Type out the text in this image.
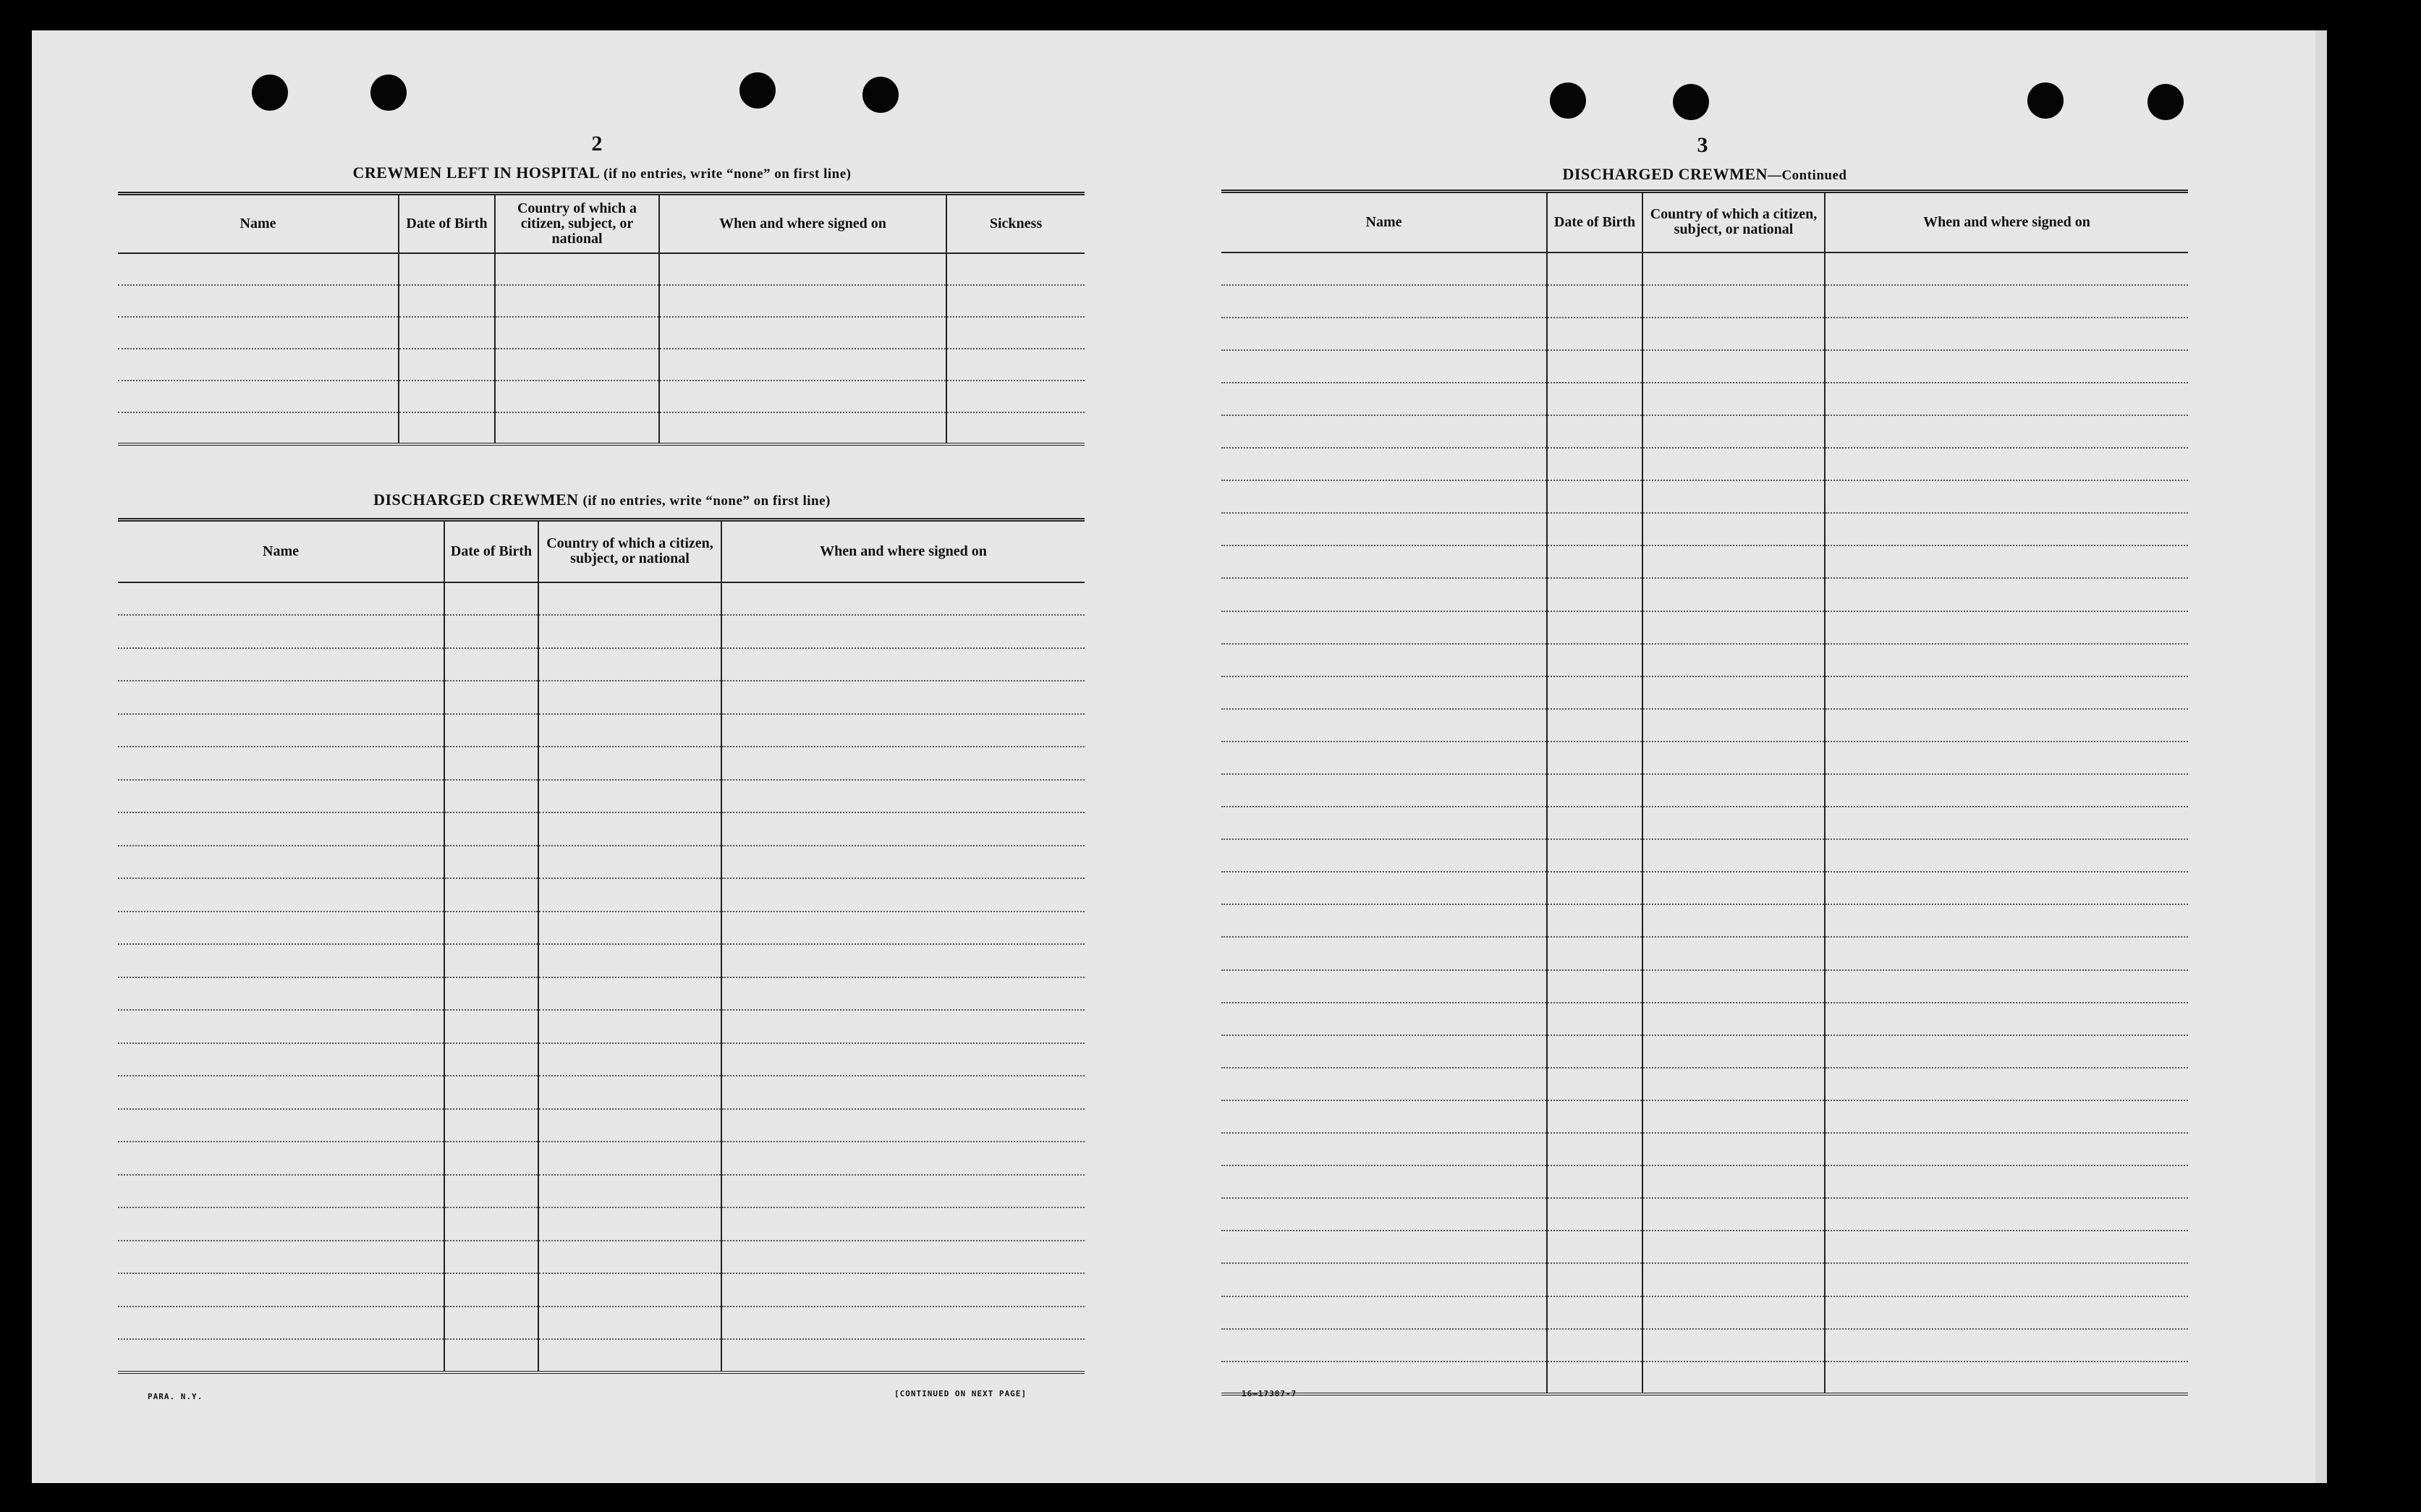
2
CREWMEN LEFT IN HOSPITAL (if no entries, write “none” on first line)
Name	Date of Birth	Country of which a citizen, subject, or national	When and where signed on	Sickness

DISCHARGED CREWMEN (if no entries, write “none” on first line)
Name	Date of Birth	Country of which a citizen, subject, or national	When and where signed on

PARA. N.Y.	[CONTINUED ON NEXT PAGE]
3
DISCHARGED CREWMEN—Continued
Name	Date of Birth	Country of which a citizen, subject, or national	When and where signed on

16—17387-7
